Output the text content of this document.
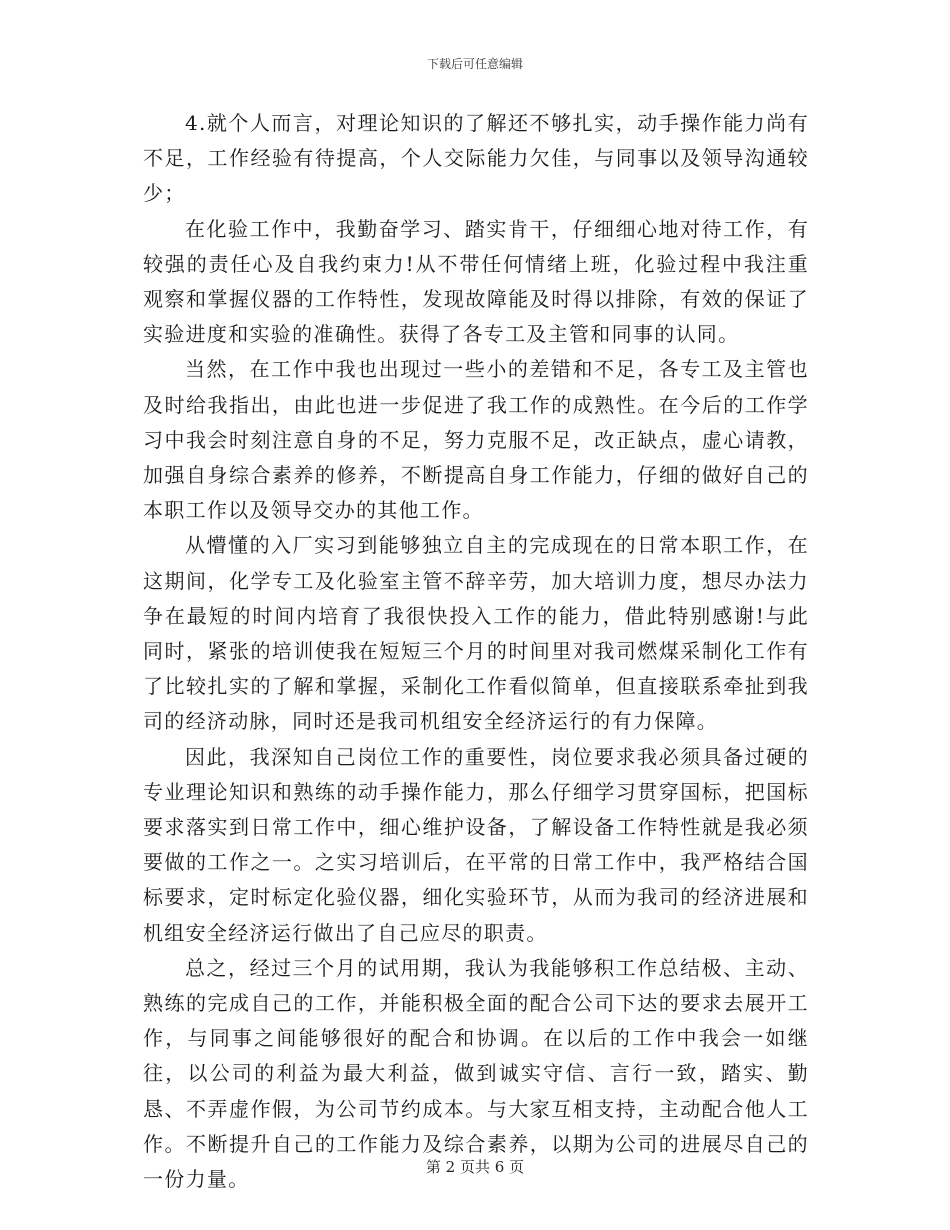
下载后可任意编辑

4.就个人而言，对理论知识的了解还不够扎实，动手操作能力尚有不足，工作经验有待提高，个人交际能力欠佳，与同事以及领导沟通较少；

在化验工作中，我勤奋学习、踏实肯干，仔细细心地对待工作，有较强的责任心及自我约束力!从不带任何情绪上班，化验过程中我注重观察和掌握仪器的工作特性，发现故障能及时得以排除，有效的保证了实验进度和实验的准确性。获得了各专工及主管和同事的认同。

当然，在工作中我也出现过一些小的差错和不足，各专工及主管也及时给我指出，由此也进一步促进了我工作的成熟性。在今后的工作学习中我会时刻注意自身的不足，努力克服不足，改正缺点，虚心请教，加强自身综合素养的修养，不断提高自身工作能力，仔细的做好自己的本职工作以及领导交办的其他工作。

从懵懂的入厂实习到能够独立自主的完成现在的日常本职工作，在这期间，化学专工及化验室主管不辞辛劳，加大培训力度，想尽办法力争在最短的时间内培育了我很快投入工作的能力，借此特别感谢!与此同时，紧张的培训使我在短短三个月的时间里对我司燃煤采制化工作有了比较扎实的了解和掌握，采制化工作看似简单，但直接联系牵扯到我司的经济动脉，同时还是我司机组安全经济运行的有力保障。

因此，我深知自己岗位工作的重要性，岗位要求我必须具备过硬的专业理论知识和熟练的动手操作能力，那么仔细学习贯穿国标，把国标要求落实到日常工作中，细心维护设备，了解设备工作特性就是我必须要做的工作之一。之实习培训后，在平常的日常工作中，我严格结合国标要求，定时标定化验仪器，细化实验环节，从而为我司的经济进展和机组安全经济运行做出了自己应尽的职责。

总之，经过三个月的试用期，我认为我能够积工作总结极、主动、熟练的完成自己的工作，并能积极全面的配合公司下达的要求去展开工作，与同事之间能够很好的配合和协调。在以后的工作中我会一如继往，以公司的利益为最大利益，做到诚实守信、言行一致，踏实、勤恳、不弄虚作假，为公司节约成本。与大家互相支持，主动配合他人工作。不断提升自己的工作能力及综合素养，以期为公司的进展尽自己的一份力量。

第 2 页共 6 页
